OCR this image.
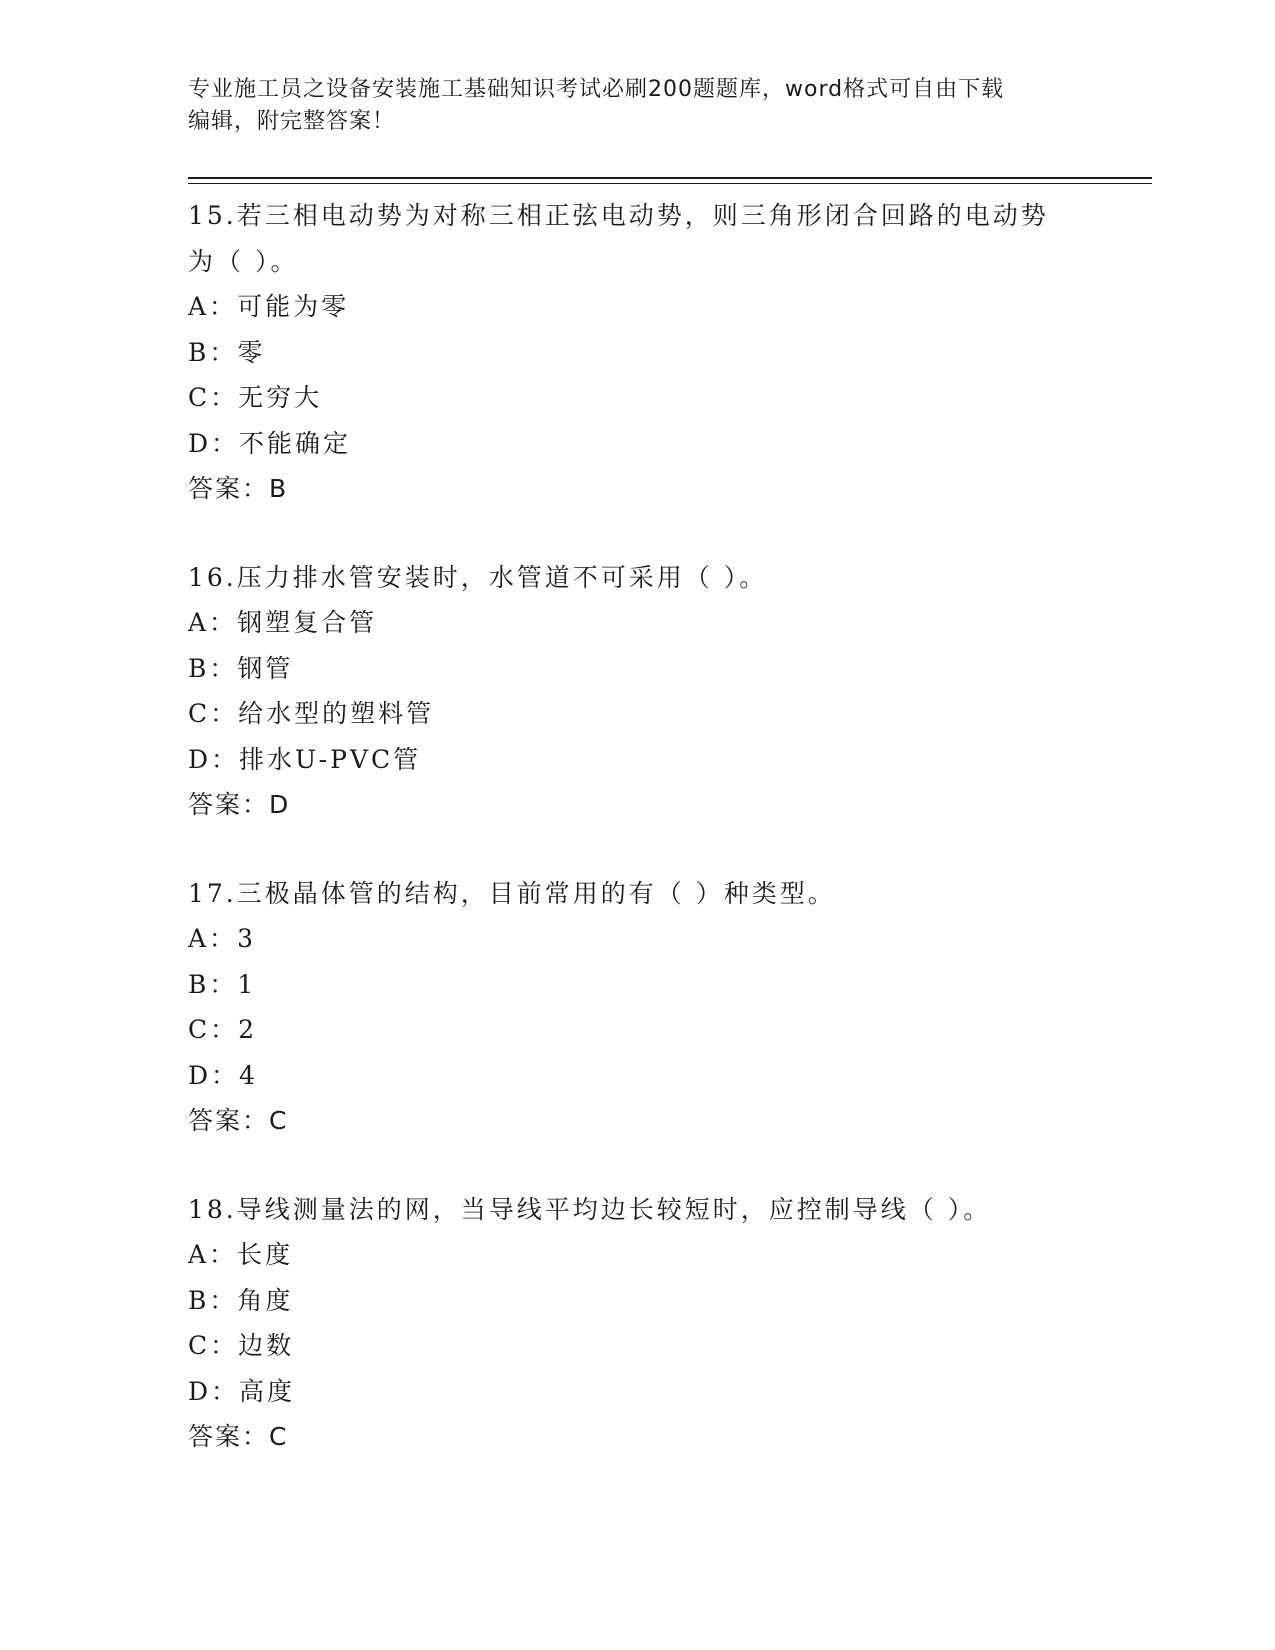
专业施工员之设备安装施工基础知识考试必刷200题题库，word格式可自由下载
编辑，附完整答案！
15.若三相电动势为对称三相正弦电动势，则三角形闭合回路的电动势
为（ ）。
A：可能为零
B：零
C：无穷大
D：不能确定
答案：B
16.压力排水管安装时，水管道不可采用（ ）。
A：钢塑复合管
B：钢管
C：给水型的塑料管
D：排水U-PVC管
答案：D
17.三极晶体管的结构，目前常用的有（ ）种类型。
A：3
B：1
C：2
D：4
答案：C
18.导线测量法的网，当导线平均边长较短时，应控制导线（ ）。
A：长度
B：角度
C：边数
D：高度
答案：C
